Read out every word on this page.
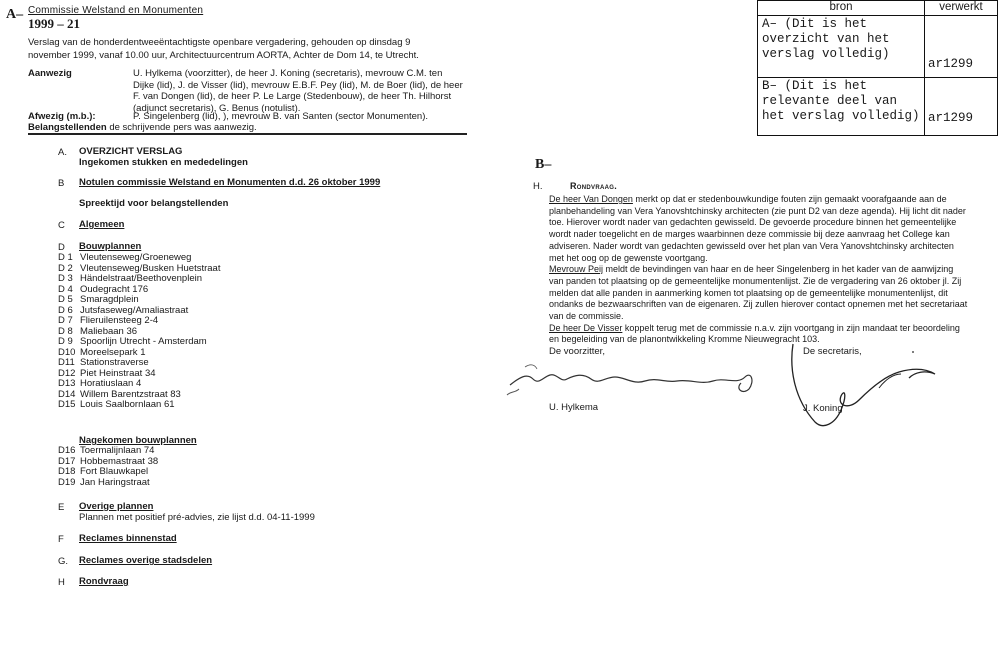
A– Commissie Welstand en Monumenten
1999 – 21
Verslag van de honderdentweeëntachtigste openbare vergadering, gehouden op dinsdag 9 november 1999, vanaf 10.00 uur, Architectuurcentrum AORTA, Achter de Dom 14, te Utrecht.
Aanwezig	U. Hylkema (voorzitter), de heer J. Koning (secretaris), mevrouw C.M. ten Dijke (lid), J. de Visser (lid), mevrouw E.B.F. Pey (lid), M. de Boer (lid), de heer F. van Dongen (lid), de heer P. Le Large (Stedenbouw), de heer Th. Hilhorst (adjunct secretaris), G. Benus (notulist).
Afwezig (m.b.):	P. Singelenberg (lid), ), mevrouw B. van Santen (sector Monumenten).
Belangstellenden de schrijvende pers was aanwezig.
A.	OVERZICHT VERSLAG
Ingekomen stukken en mededelingen
B	Notulen commissie Welstand en Monumenten d.d. 26 oktober 1999
Spreektijd voor belangstellenden
C	Algemeen
D	Bouwplannen
D 1 Vleutenseweg/Groeneweg
D 2 Vleutenseweg/Busken Huetstraat
D 3 Händelstraat/Beethovenplein
D 4 Oudegracht 176
D 5 Smaragdplein
D 6 Jutsfaseweg/Amaliastraat
D 7 Flieruilensteeg 2-4
D 8 Maliebaan 36
D 9 Spoorlijn Utrecht - Amsterdam
D10 Moreelsepark 1
D11 Stationstraverse
D12 Piet Heinstraat 34
D13 Horatiuslaan 4
D14 Willem Barentzstraat 83
D15 Louis Saalbornlaan 61
Nagekomen bouwplannen
D16 Toermalijnlaan 74
D17 Hobbemastraat 38
D18 Fort Blauwkapel
D19 Jan Haringstraat
E	Overige plannen
Plannen met positief pré-advies, zie lijst d.d. 04-11-1999
F	Reclames binnenstad
G.	Reclames overige stadsdelen
H	Rondvraag
B–
H.	Rondvraag.
De heer Van Dongen merkt op dat er stedenbouwkundige fouten zijn gemaakt voorafgaande aan de planbehandeling van Vera Yanovshtchinsky architecten (zie punt D2 van deze agenda). Hij licht dit nader toe. Hierover wordt nader van gedachten gewisseld. De gevoerde procedure binnen het gemeentelijke wordt nader toegelicht en de marges waarbinnen deze commissie bij deze aanvraag het College kan adviseren. Nader wordt van gedachten gewisseld over het plan van Vera Yanovshtchinsky architecten met het oog op de gewenste voortgang.
Mevrouw Peij meldt de bevindingen van haar en de heer Singelenberg in het kader van de aanwijzing van panden tot plaatsing op de gemeentelijke monumentenlijst. Zie de vergadering van 26 oktober jl. Zij melden dat alle panden in aanmerking komen tot plaatsing op de gemeentelijke monumentenlijst, dit ondanks de bezwaarschriften van de eigenaren. Zij zullen hierover contact opnemen met het secretariaat van de commissie.
De heer De Visser koppelt terug met de commissie n.a.v. zijn voortgang in zijn mandaat ter beoordeling en begeleiding van de planontwikkeling Kromme Nieuwegracht 103.
De voorzitter,	De secretaris,
U. Hylkema	J. Koning
bron	verwerkt
A– (Dit is het overzicht van het verslag volledig)	ar1299
B– (Dit is het relevante deel van het verslag volledig)	ar1299
